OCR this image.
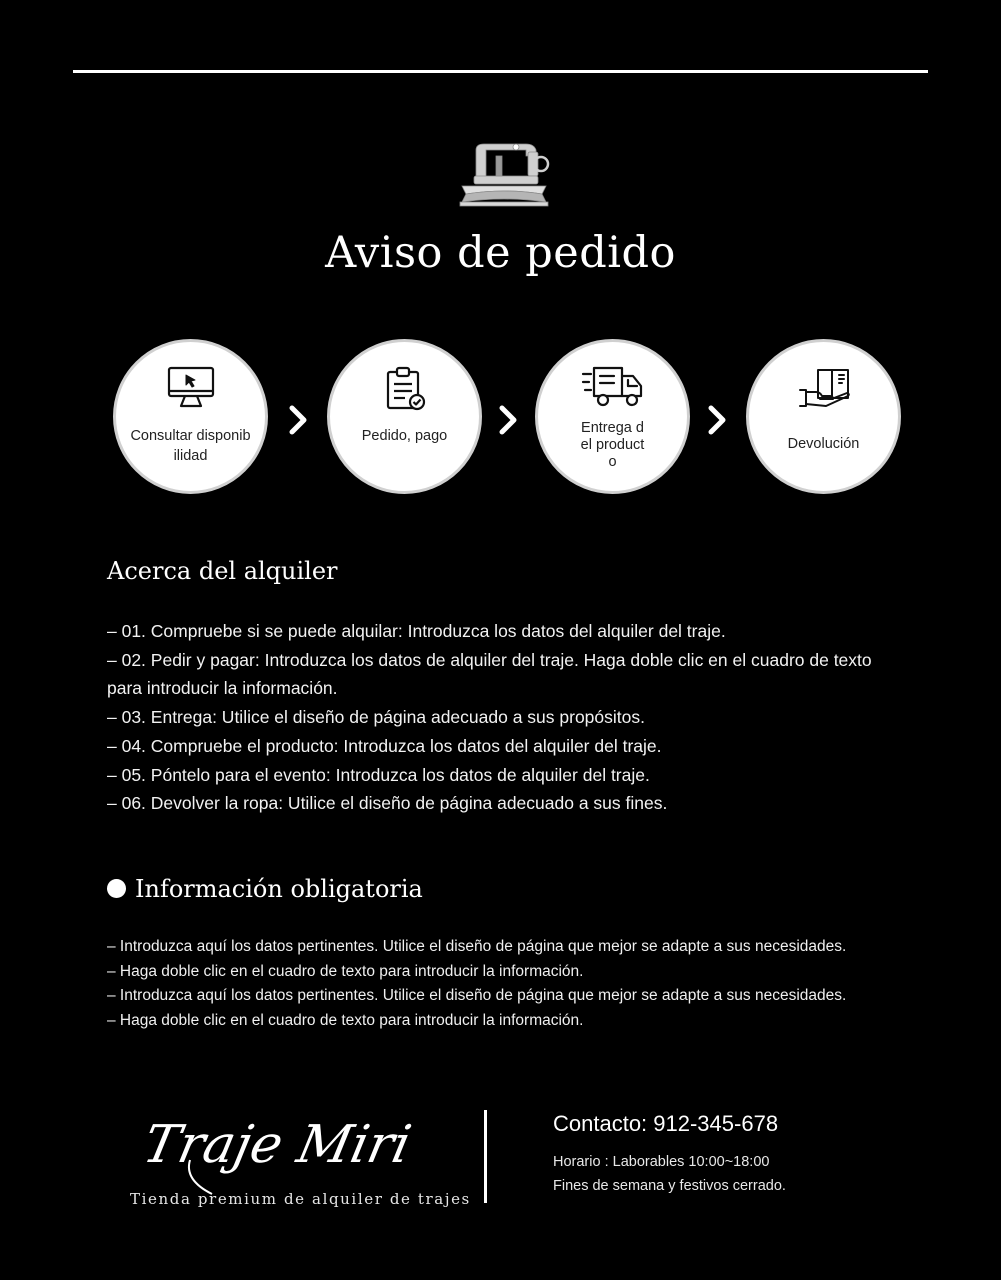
Aviso de pedido
Consultar disponibilidad
Pedido, pago	Entrega del producto
Devolución
Acerca del alquiler
– 01. Compruebe si se puede alquilar: Introduzca los datos del alquiler del traje.
– 02. Pedir y pagar: Introduzca los datos de alquiler del traje. Haga doble clic en el cuadro de texto para introducir la información.
– 03. Entrega: Utilice el diseño de página adecuado a sus propósitos.
– 04. Compruebe el producto: Introduzca los datos del alquiler del traje.
– 05. Póntelo para el evento: Introduzca los datos de alquiler del traje.
– 06. Devolver la ropa: Utilice el diseño de página adecuado a sus fines.
Información obligatoria
– Introduzca aquí los datos pertinentes. Utilice el diseño de página que mejor se adapte a sus necesidades.
– Haga doble clic en el cuadro de texto para introducir la información.
– Introduzca aquí los datos pertinentes. Utilice el diseño de página que mejor se adapte a sus necesidades.
– Haga doble clic en el cuadro de texto para introducir la información.
Traje Miri
Tienda premium de alquiler de trajes
Contacto: 912-345-678
Horario : Laborables 10:00~18:00
Fines de semana y festivos cerrado.
